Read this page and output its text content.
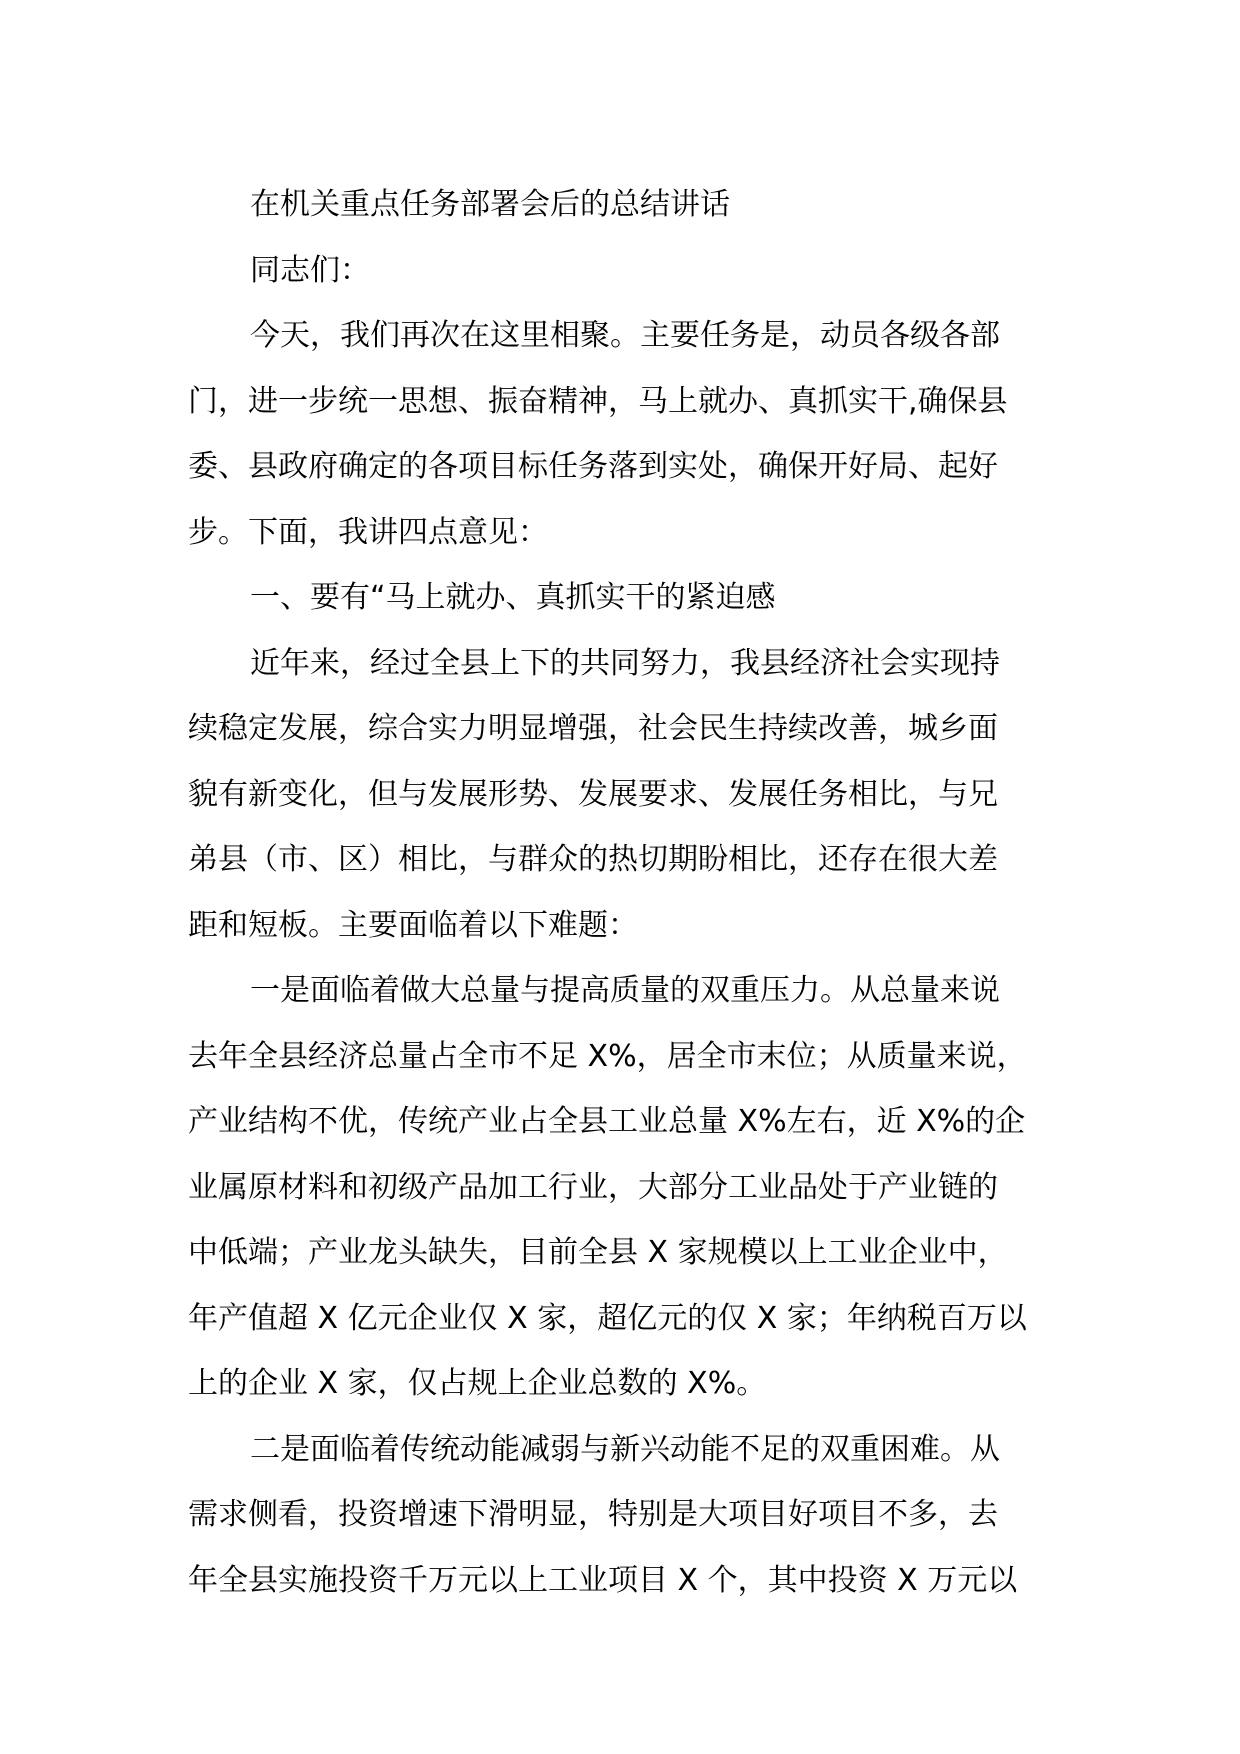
在机关重点任务部署会后的总结讲话
同志们：
今天，我们再次在这里相聚。主要任务是，动员各级各部
门，进一步统一思想、振奋精神，马上就办、真抓实干,确保县
委、县政府确定的各项目标任务落到实处，确保开好局、起好
步。下面，我讲四点意见：
一、要有“马上就办、真抓实干的紧迫感
近年来，经过全县上下的共同努力，我县经济社会实现持
续稳定发展，综合实力明显增强，社会民生持续改善，城乡面
貌有新变化，但与发展形势、发展要求、发展任务相比，与兄
弟县（市、区）相比，与群众的热切期盼相比，还存在很大差
距和短板。主要面临着以下难题：
一是面临着做大总量与提高质量的双重压力。从总量来说
去年全县经济总量占全市不足 X%，居全市末位；从质量来说，
产业结构不优，传统产业占全县工业总量 X%左右，近 X%的企
业属原材料和初级产品加工行业，大部分工业品处于产业链的
中低端；产业龙头缺失，目前全县 X 家规模以上工业企业中，
年产值超 X 亿元企业仅 X 家，超亿元的仅 X 家；年纳税百万以
上的企业 X 家，仅占规上企业总数的 X%。
二是面临着传统动能减弱与新兴动能不足的双重困难。从
需求侧看，投资增速下滑明显，特别是大项目好项目不多，去
年全县实施投资千万元以上工业项目 X 个，其中投资 X 万元以
